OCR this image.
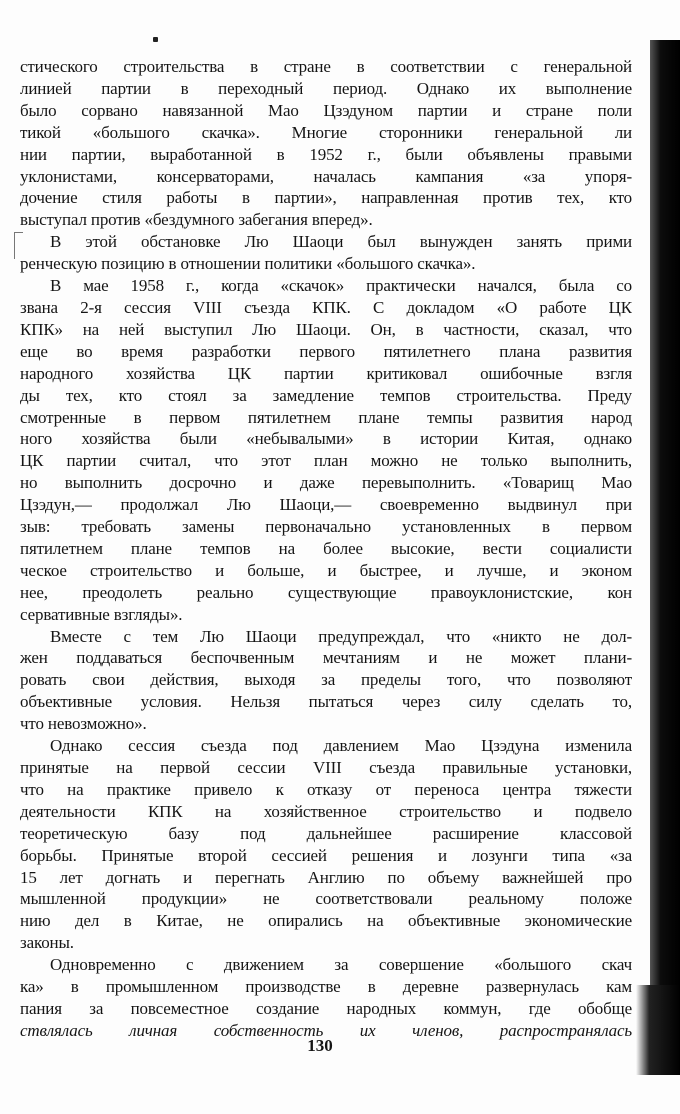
стического строительства в стране в соответствии с генеральной
линией партии в переходный период. Однако их выполнение
было сорвано навязанной Мао Цзэдуном партии и стране поли
тикой «большого скачка». Многие сторонники генеральной ли
нии партии, выработанной в 1952 г., были объявлены правыми
уклонистами, консерваторами, началась кампания «за упоря-
дочение стиля работы в партии», направленная против тех, кто
выступал против «бездумного забегания вперед».
В этой обстановке Лю Шаоци был вынужден занять прими
ренческую позицию в отношении политики «большого скачка».
В мае 1958 г., когда «скачок» практически начался, была со
звана 2-я сессия VIII съезда КПК. С докладом «О работе ЦК
КПК» на ней выступил Лю Шаоци. Он, в частности, сказал, что
еще во время разработки первого пятилетнего плана развития
народного хозяйства ЦК партии критиковал ошибочные взгля
ды тех, кто стоял за замедление темпов строительства. Преду
смотренные в первом пятилетнем плане темпы развития народ
ного хозяйства были «небывалыми» в истории Китая, однако
ЦК партии считал, что этот план можно не только выполнить,
но выполнить досрочно и даже перевыполнить. «Товарищ Мао
Цзэдун,— продолжал Лю Шаоци,— своевременно выдвинул при
зыв: требовать замены первоначально установленных в первом
пятилетнем плане темпов на более высокие, вести социалисти
ческое строительство и больше, и быстрее, и лучше, и эконом
нее, преодолеть реально существующие правоуклонистские, кон
сервативные взгляды».
Вместе с тем Лю Шаоци предупреждал, что «никто не дол-
жен поддаваться беспочвенным мечтаниям и не может плани-
ровать свои действия, выходя за пределы того, что позволяют
объективные условия. Нельзя пытаться через силу сделать то,
что невозможно».
Однако сессия съезда под давлением Мао Цзэдуна изменила
принятые на первой сессии VIII съезда правильные установки,
что на практике привело к отказу от переноса центра тяжести
деятельности КПК на хозяйственное строительство и подвело
теоретическую базу под дальнейшее расширение классовой
борьбы. Принятые второй сессией решения и лозунги типа «за
15 лет догнать и перегнать Англию по объему важнейшей про
мышленной продукции» не соответствовали реальному положе
нию дел в Китае, не опирались на объективные экономические
законы.
Одновременно с движением за совершение «большого скач
ка» в промышленном производстве в деревне развернулась кам
пания за повсеместное создание народных коммун, где обобще
ствлялась личная собственность их членов, распространялась
130
